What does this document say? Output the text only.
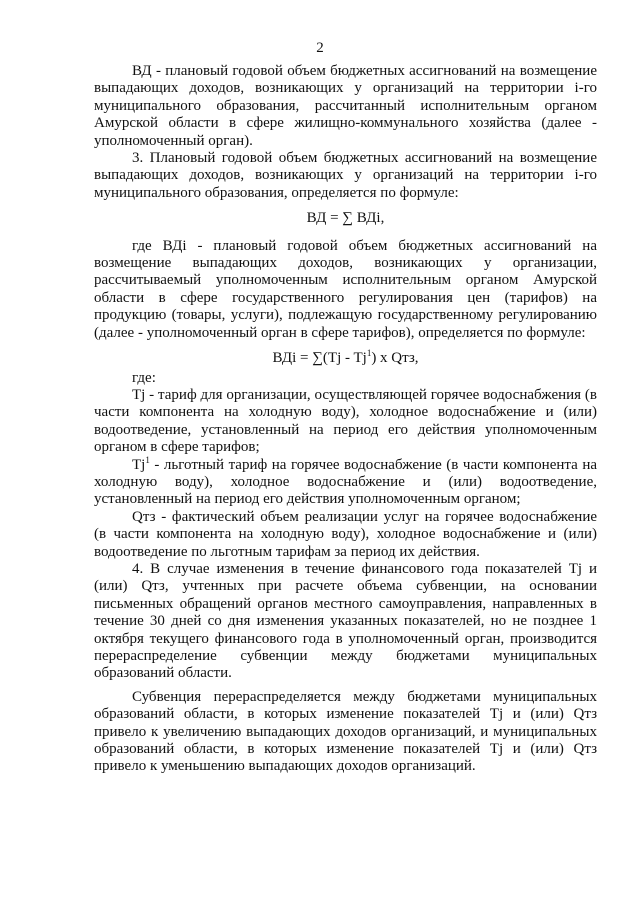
2

ВД - плановый годовой объем бюджетных ассигнований на возмещение выпадающих доходов, возникающих у организаций на территории i-го муниципального образования, рассчитанный исполнительным органом Амурской области в сфере жилищно-коммунального хозяйства (далее - уполномоченный орган).

3. Плановый годовой объем бюджетных ассигнований на возмещение выпадающих доходов, возникающих у организаций на территории i-го муниципального образования, определяется по формуле:

ВД = ∑ ВДi,

где ВДi - плановый годовой объем бюджетных ассигнований на возмещение выпадающих доходов, возникающих у организации, рассчитываемый уполномоченным исполнительным органом Амурской области в сфере государственного регулирования цен (тарифов) на продукцию (товары, услуги), подлежащую государственному регулированию (далее - уполномоченный орган в сфере тарифов), определяется по формуле:

ВДi = ∑(Tj - Tj$^1$) x Qтз,

где:

Tj - тариф для организации, осуществляющей горячее водоснабжения (в части компонента на холодную воду), холодное водоснабжение и (или) водоотведение, установленный на период его действия уполномоченным органом в сфере тарифов;

Tj$^1$ - льготный тариф на горячее водоснабжение (в части компонента на холодную воду), холодное водоснабжение и (или) водоотведение, установленный на период его действия уполномоченным органом;

Qтз - фактический объем реализации услуг на горячее водоснабжение (в части компонента на холодную воду), холодное водоснабжение и (или) водоотведение по льготным тарифам за период их действия.

4. В случае изменения в течение финансового года показателей Tj и (или) Qтз, учтенных при расчете объема субвенции, на основании письменных обращений органов местного самоуправления, направленных в течение 30 дней со дня изменения указанных показателей, но не позднее 1 октября текущего финансового года в уполномоченный орган, производится перераспределение субвенции между бюджетами муниципальных образований области.

Субвенция перераспределяется между бюджетами муниципальных образований области, в которых изменение показателей Tj и (или) Qтз привело к увеличению выпадающих доходов организаций, и муниципальных образований области, в которых изменение показателей Tj и (или) Qтз привело к уменьшению выпадающих доходов организаций.
